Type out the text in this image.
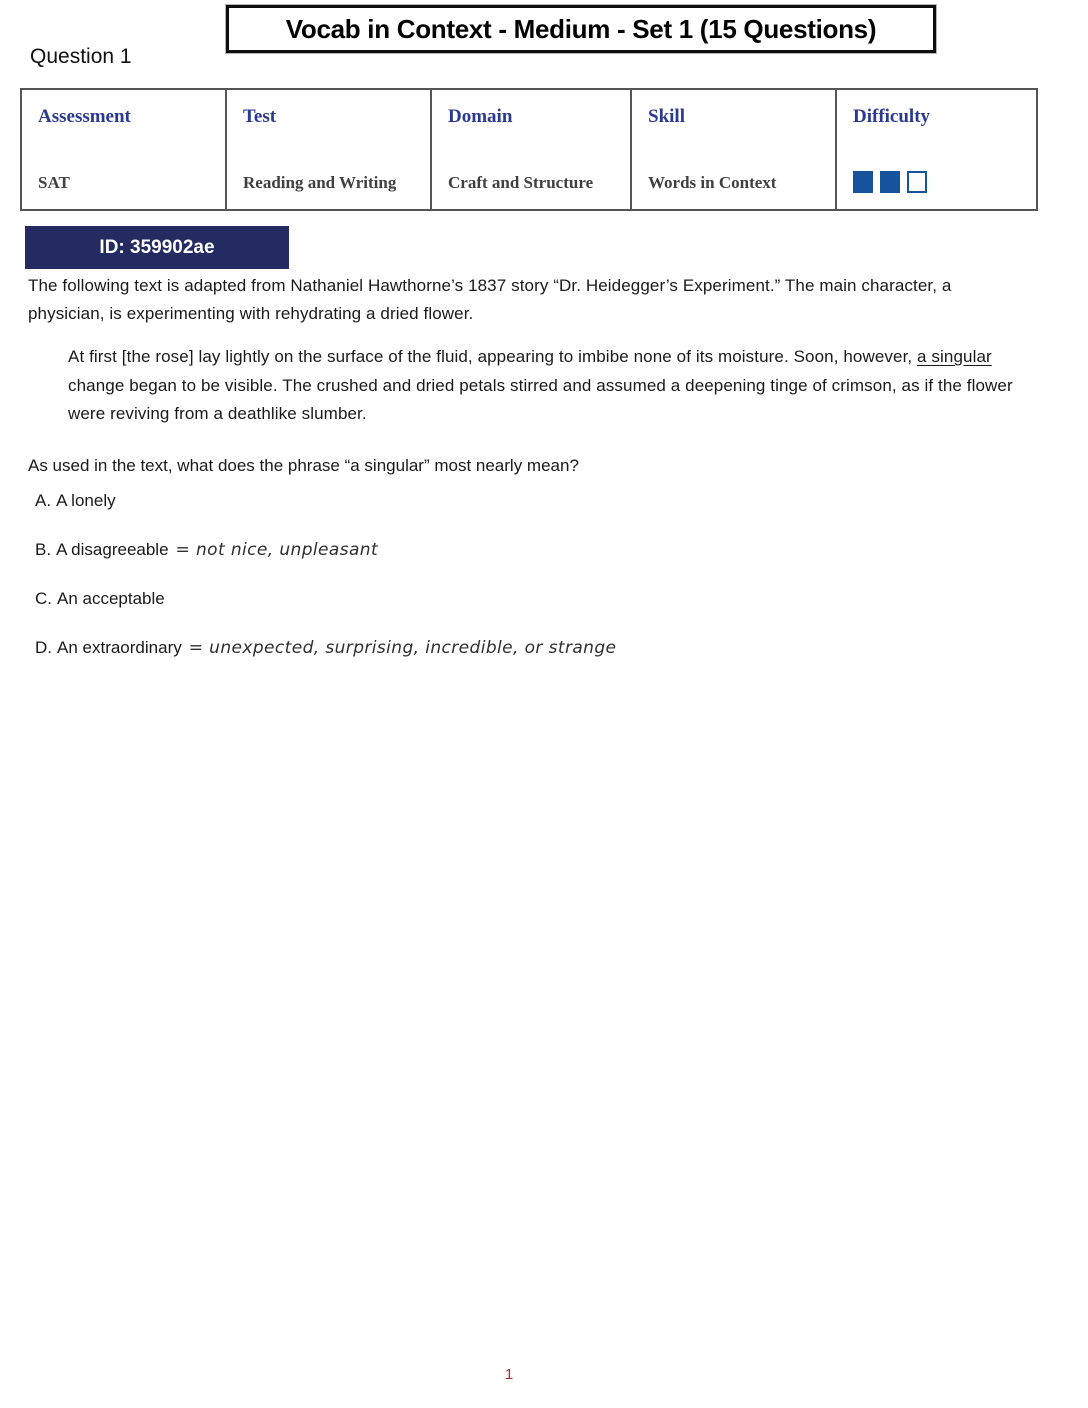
Vocab in Context - Medium - Set 1 (15 Questions)
Question 1
Assessment
SAT
Test
Reading and Writing
Domain
Craft and Structure
Skill
Words in Context
Difficulty
ID: 359902ae
The following text is adapted from Nathaniel Hawthorne’s 1837 story “Dr. Heidegger’s Experiment.” The main character, a physician, is experimenting with rehydrating a dried flower.
At first [the rose] lay lightly on the surface of the fluid, appearing to imbibe none of its moisture. Soon, however, a singular change began to be visible. The crushed and dried petals stirred and assumed a deepening tinge of crimson, as if the flower were reviving from a deathlike slumber.
As used in the text, what does the phrase “a singular” most nearly mean?
A. A lonely
B. A disagreeable = not nice, unpleasant
C. An acceptable
D. An extraordinary = unexpected, surprising, incredible, or strange
1
